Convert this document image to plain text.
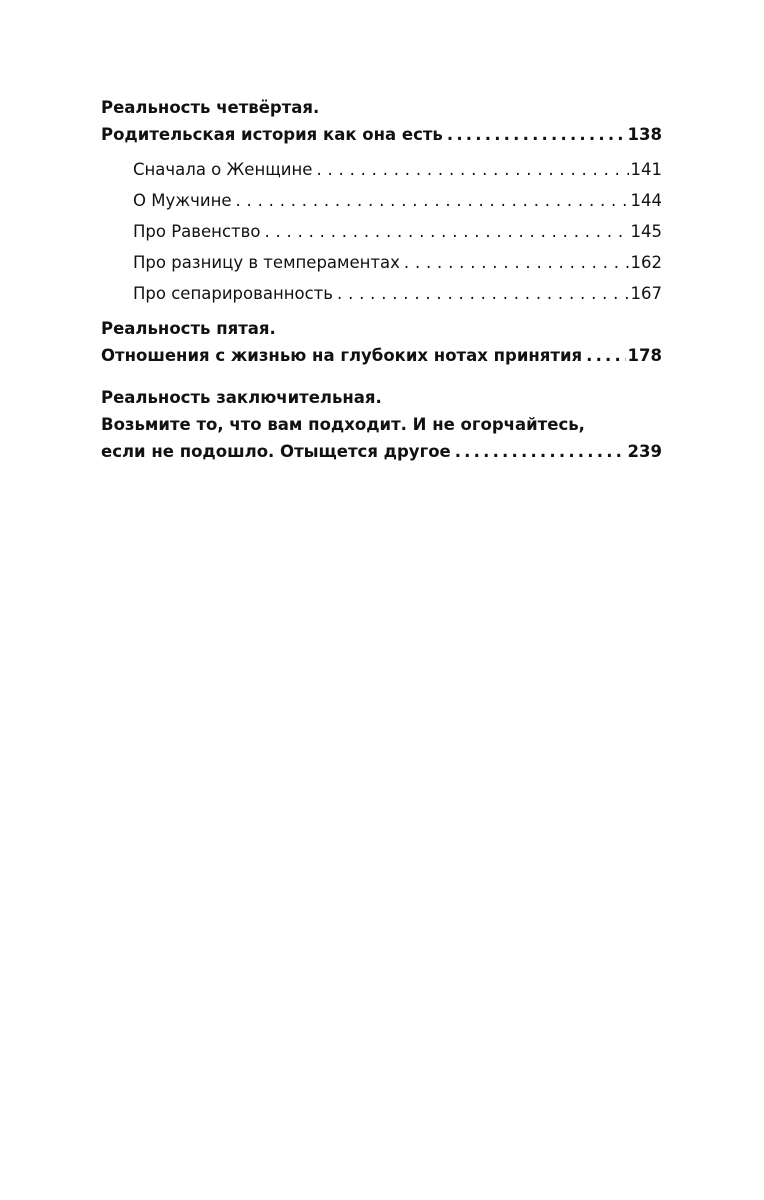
Реальность четвёртая.
Родительская история как она есть .....	138
Сначала о Женщине .....	141
О Мужчине .....	144
Про Равенство .....	145
Про разницу в темпераментах .....	162
Про сепарированность .....	167
Реальность пятая.
Отношения с жизнью на глубоких нотах принятия .....	178
Реальность заключительная.
Возьмите то, что вам подходит. И не огорчайтесь,
если не подошло. Отыщется другое .....	239
